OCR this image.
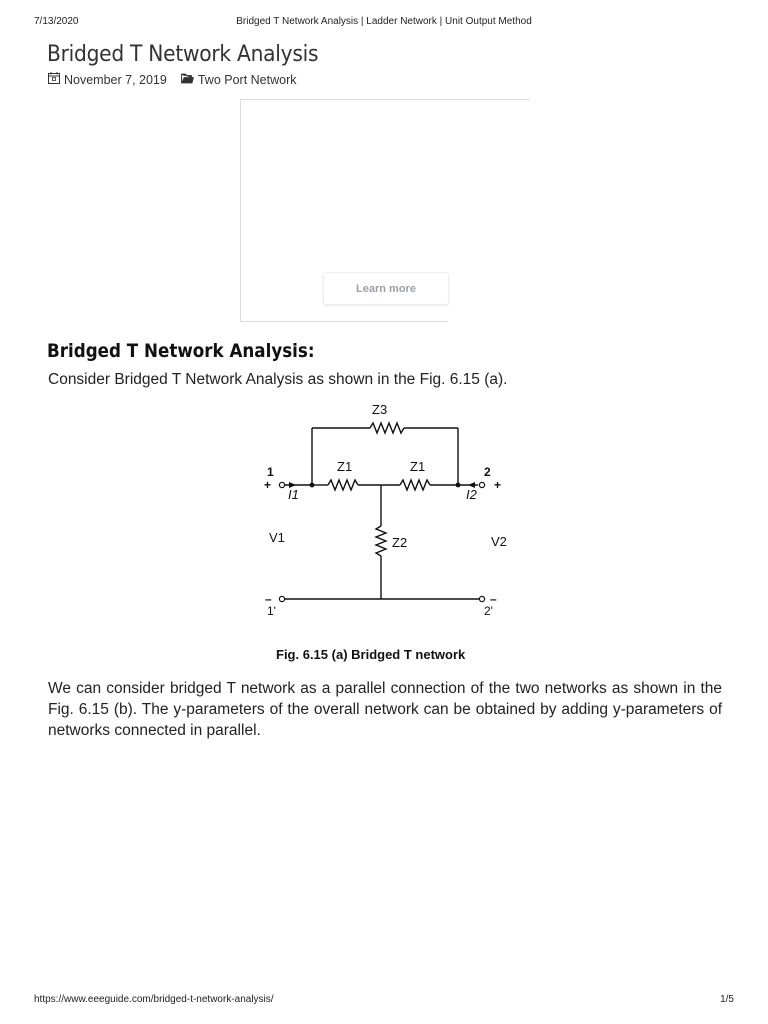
7/13/2020	Bridged T Network Analysis | Ladder Network | Unit Output Method
Bridged T Network Analysis
November 7, 2019 Two Port Network
Learn more
Bridged T Network Analysis:

Consider Bridged T Network Analysis as shown in the Fig. 6.15 (a).

Z3
Z1	Z1
Z2
1
+
2
+
I1	I2
V1	V2
–
1'
–
2'
Fig. 6.15 (a) Bridged T network

We can consider bridged T network as a parallel connection of the two networks as shown in the Fig. 6.15 (b). The y-parameters of the overall network can be obtained by adding y-parameters of networks connected in parallel.

https://www.eeeguide.com/bridged-t-network-analysis/	1/5
